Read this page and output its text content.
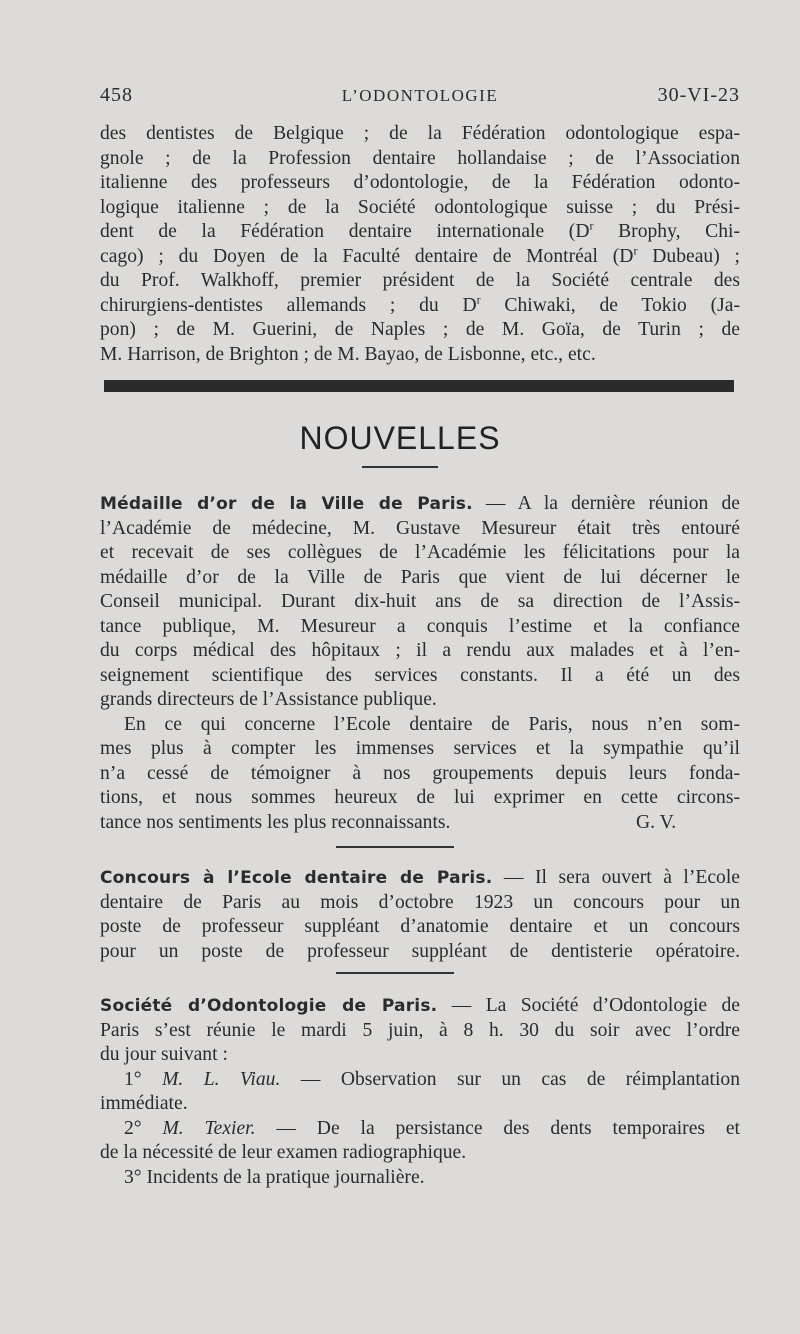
458	L’ODONTOLOGIE	30-VI-23
des dentistes de Belgique ; de la Fédération odontologique espa-
gnole ; de la Profession dentaire hollandaise ; de l’Association
italienne des professeurs d’odontologie, de la Fédération odonto-
logique italienne ; de la Société odontologique suisse ; du Prési-
dent de la Fédération dentaire internationale ($D^r$ Brophy, Chi-
cago) ; du Doyen de la Faculté dentaire de Montréal ($D^r$ Dubeau) ;
du Prof. Walkhoff, premier président de la Société centrale des
chirurgiens-dentistes allemands ; du $D^r$ Chiwaki, de Tokio (Ja-
pon) ; de M. Guerini, de Naples ; de M. Goïa, de Turin ; de
M. Harrison, de Brighton ; de M. Bayao, de Lisbonne, etc., etc.
NOUVELLES
Médaille d’or de la Ville de Paris. — A la dernière réunion de
l’Académie de médecine, M. Gustave Mesureur était très entouré
et recevait de ses collègues de l’Académie les félicitations pour la
médaille d’or de la Ville de Paris que vient de lui décerner le
Conseil municipal. Durant dix-huit ans de sa direction de l’Assis-
tance publique, M. Mesureur a conquis l’estime et la confiance
du corps médical des hôpitaux ; il a rendu aux malades et à l’en-
seignement scientifique des services constants. Il a été un des
grands directeurs de l’Assistance publique.
En ce qui concerne l’Ecole dentaire de Paris, nous n’en som-
mes plus à compter les immenses services et la sympathie qu’il
n’a cessé de témoigner à nos groupements depuis leurs fonda-
tions, et nous sommes heureux de lui exprimer en cette circons-
tance nos sentiments les plus reconnaissants.	G. V.
Concours à l’Ecole dentaire de Paris. — Il sera ouvert à l’Ecole
dentaire de Paris au mois d’octobre 1923 un concours pour un
poste de professeur suppléant d’anatomie dentaire et un concours
pour un poste de professeur suppléant de dentisterie opératoire.
Société d’Odontologie de Paris. — La Société d’Odontologie de
Paris s’est réunie le mardi 5 juin, à 8 h. 30 du soir avec l’ordre
du jour suivant :
1° M. L. Viau. — Observation sur un cas de réimplantation
immédiate.
2° M. Texier. — De la persistance des dents temporaires et
de la nécessité de leur examen radiographique.
3° Incidents de la pratique journalière.
